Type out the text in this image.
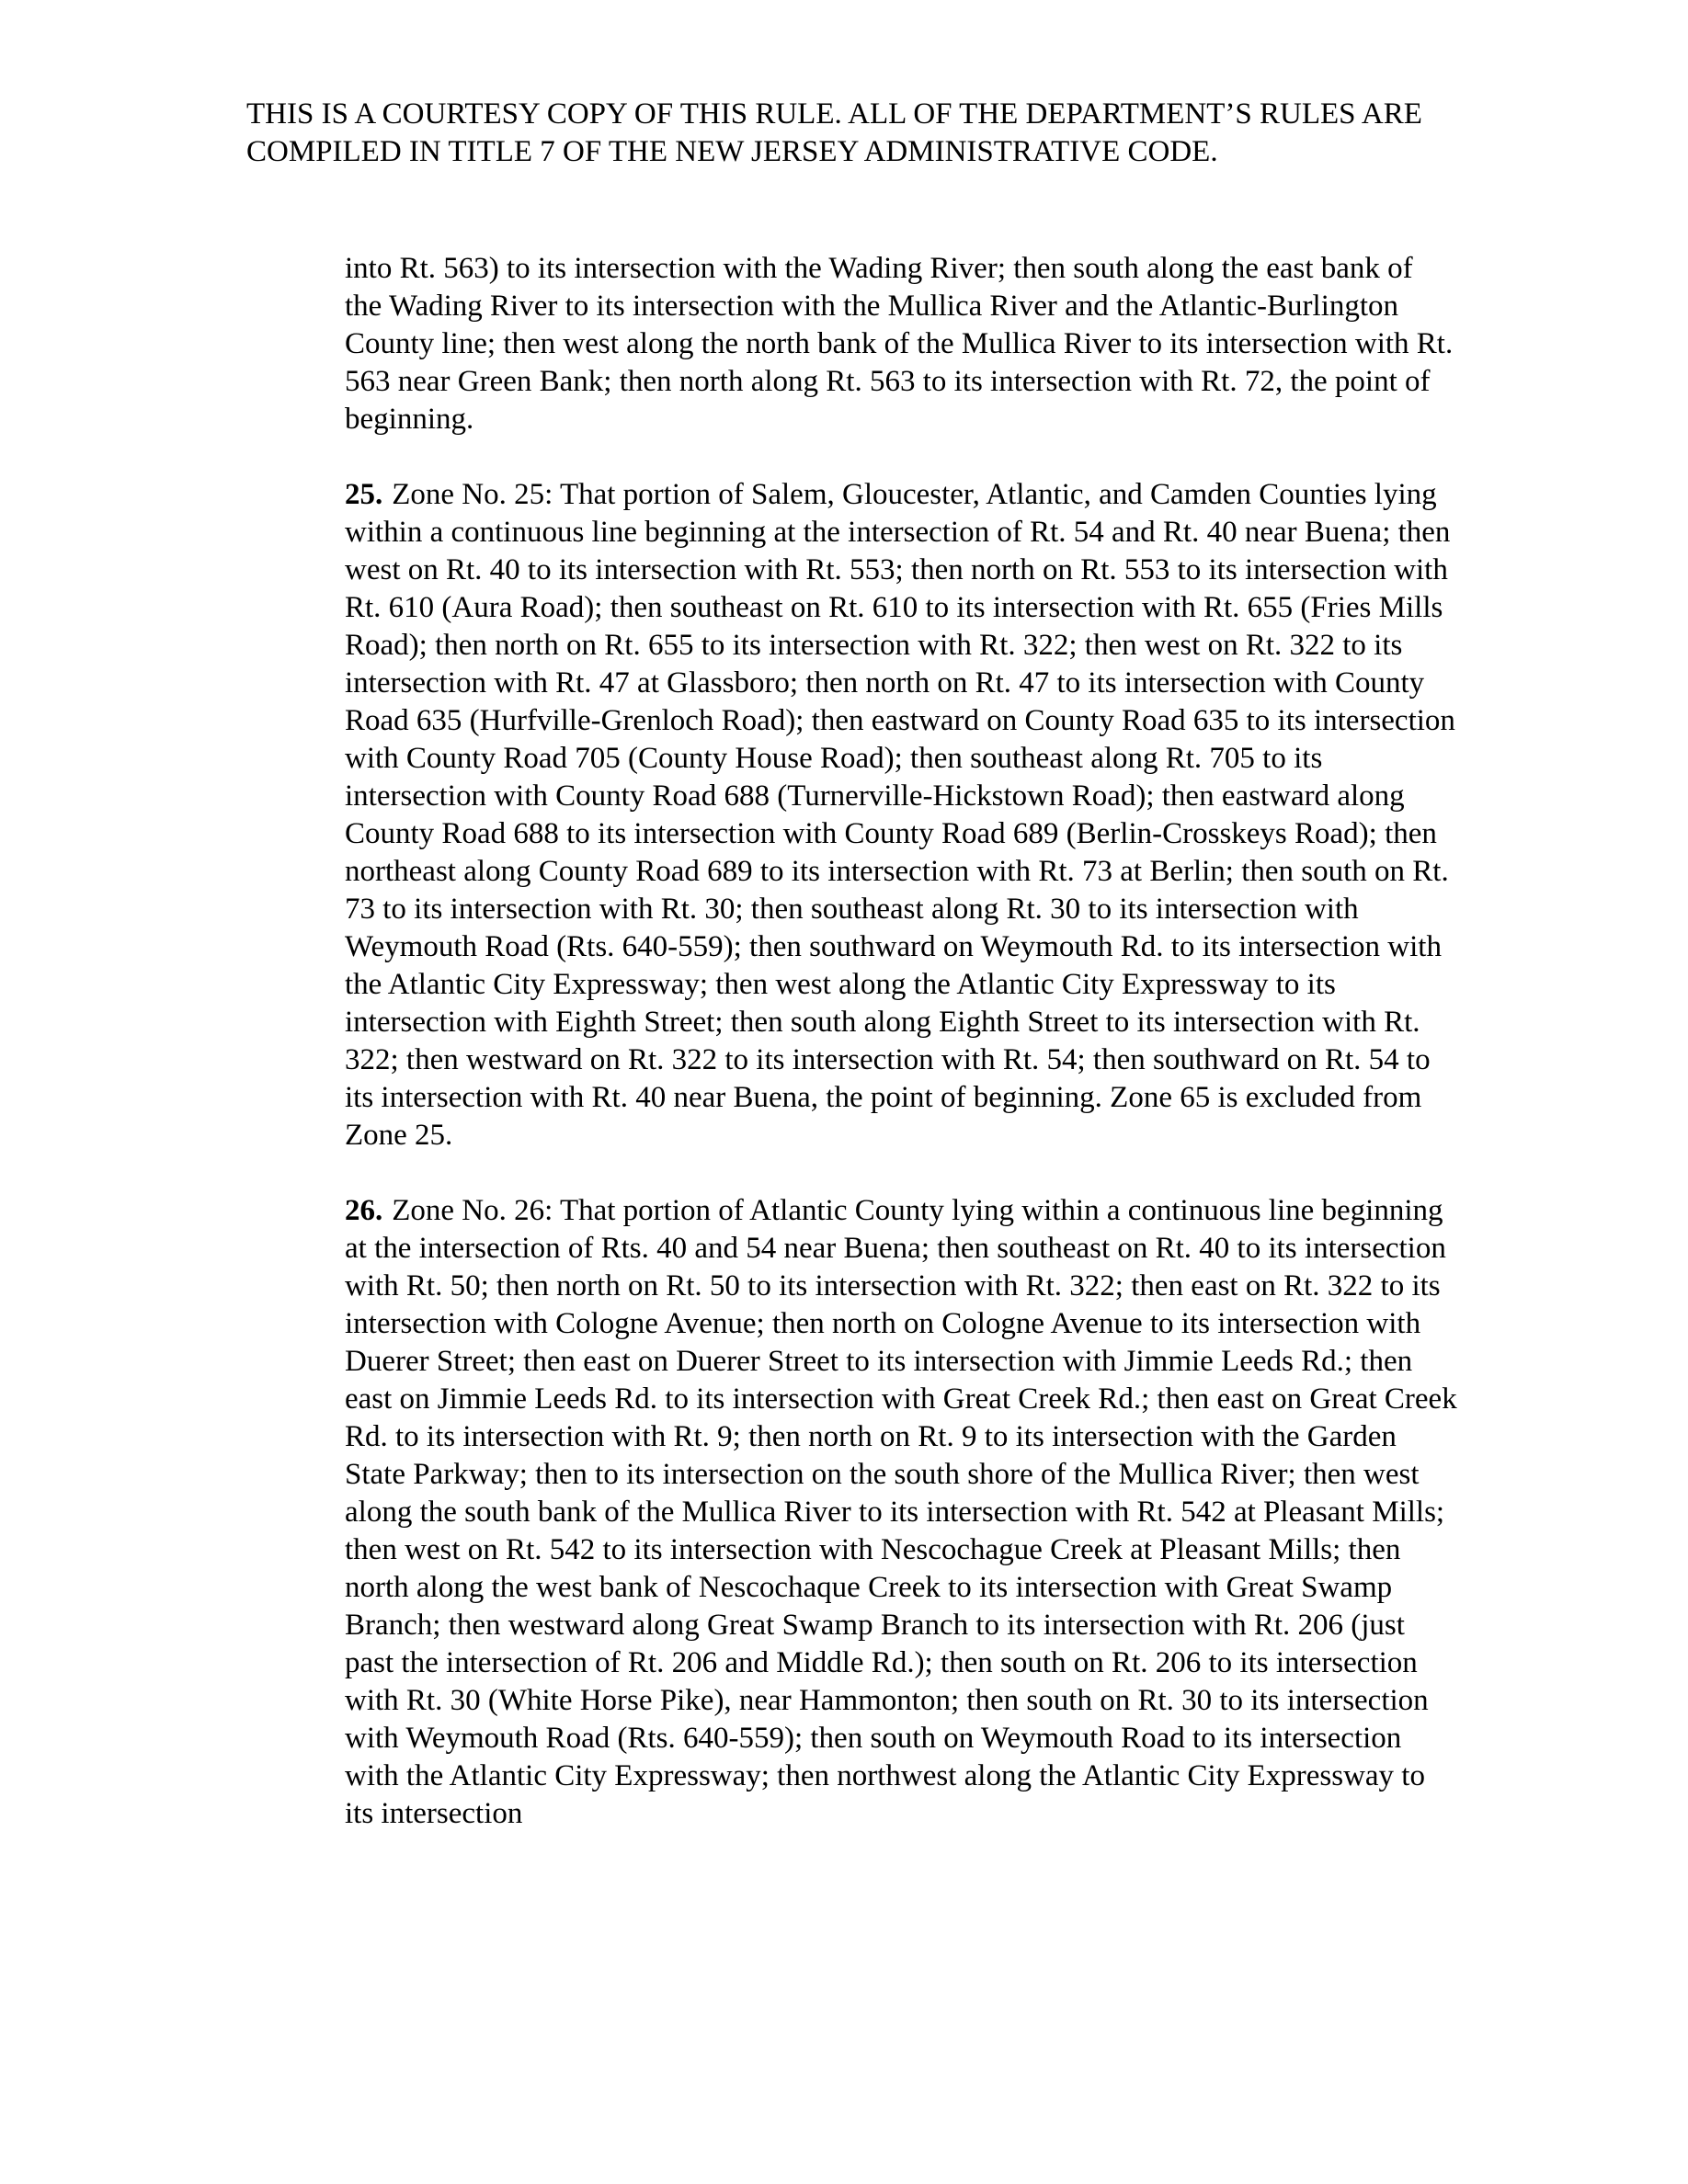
THIS IS A COURTESY COPY OF THIS RULE. ALL OF THE DEPARTMENT’S RULES ARE COMPILED IN TITLE 7 OF THE NEW JERSEY ADMINISTRATIVE CODE.

into Rt. 563) to its intersection with the Wading River; then south along the east bank of the Wading River to its intersection with the Mullica River and the Atlantic-Burlington County line; then west along the north bank of the Mullica River to its intersection with Rt. 563 near Green Bank; then north along Rt. 563 to its intersection with Rt. 72, the point of beginning.

25. Zone No. 25: That portion of Salem, Gloucester, Atlantic, and Camden Counties lying within a continuous line beginning at the intersection of Rt. 54 and Rt. 40 near Buena; then west on Rt. 40 to its intersection with Rt. 553; then north on Rt. 553 to its intersection with Rt. 610 (Aura Road); then southeast on Rt. 610 to its intersection with Rt. 655 (Fries Mills Road); then north on Rt. 655 to its intersection with Rt. 322; then west on Rt. 322 to its intersection with Rt. 47 at Glassboro; then north on Rt. 47 to its intersection with County Road 635 (Hurfville-Grenloch Road); then eastward on County Road 635 to its intersection with County Road 705 (County House Road); then southeast along Rt. 705 to its intersection with County Road 688 (Turnerville-Hickstown Road); then eastward along County Road 688 to its intersection with County Road 689 (Berlin-Crosskeys Road); then northeast along County Road 689 to its intersection with Rt. 73 at Berlin; then south on Rt. 73 to its intersection with Rt. 30; then southeast along Rt. 30 to its intersection with Weymouth Road (Rts. 640-559); then southward on Weymouth Rd. to its intersection with the Atlantic City Expressway; then west along the Atlantic City Expressway to its intersection with Eighth Street; then south along Eighth Street to its intersection with Rt. 322; then westward on Rt. 322 to its intersection with Rt. 54; then southward on Rt. 54 to its intersection with Rt. 40 near Buena, the point of beginning. Zone 65 is excluded from Zone 25.

26. Zone No. 26: That portion of Atlantic County lying within a continuous line beginning at the intersection of Rts. 40 and 54 near Buena; then southeast on Rt. 40 to its intersection with Rt. 50; then north on Rt. 50 to its intersection with Rt. 322; then east on Rt. 322 to its intersection with Cologne Avenue; then north on Cologne Avenue to its intersection with Duerer Street; then east on Duerer Street to its intersection with Jimmie Leeds Rd.; then east on Jimmie Leeds Rd. to its intersection with Great Creek Rd.; then east on Great Creek Rd. to its intersection with Rt. 9; then north on Rt. 9 to its intersection with the Garden State Parkway; then to its intersection on the south shore of the Mullica River; then west along the south bank of the Mullica River to its intersection with Rt. 542 at Pleasant Mills; then west on Rt. 542 to its intersection with Nescochague Creek at Pleasant Mills; then north along the west bank of Nescochaque Creek to its intersection with Great Swamp Branch; then westward along Great Swamp Branch to its intersection with Rt. 206 (just past the intersection of Rt. 206 and Middle Rd.); then south on Rt. 206 to its intersection with Rt. 30 (White Horse Pike), near Hammonton; then south on Rt. 30 to its intersection with Weymouth Road (Rts. 640-559); then south on Weymouth Road to its intersection with the Atlantic City Expressway; then northwest along the Atlantic City Expressway to its intersection
